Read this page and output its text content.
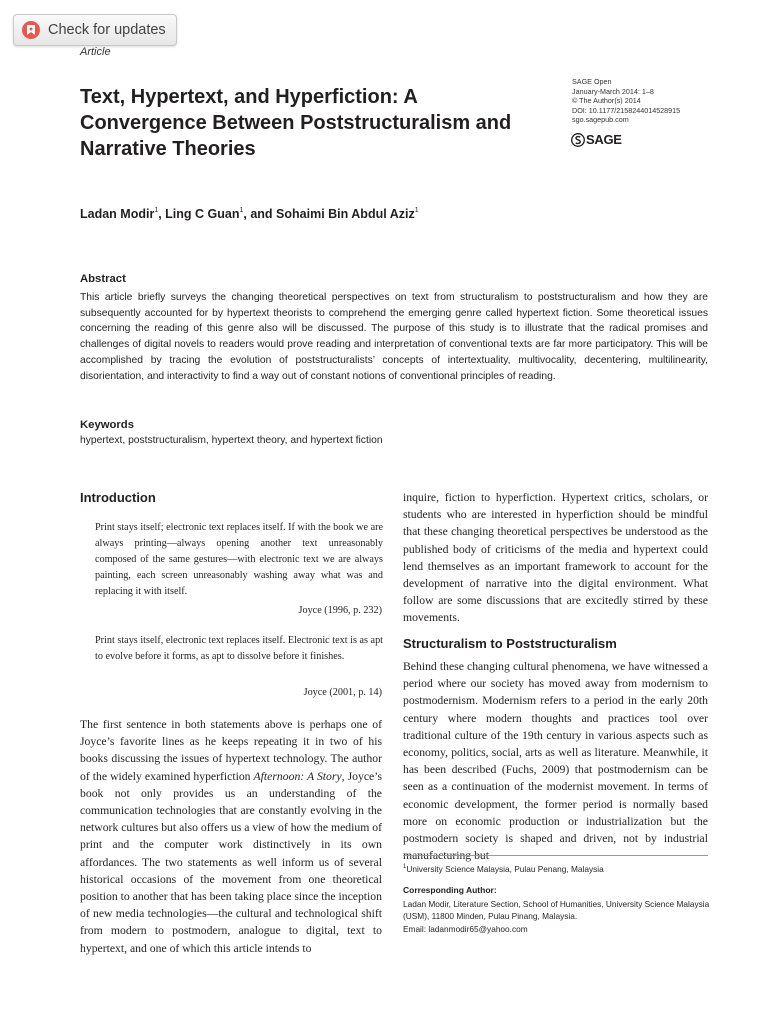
Check for updates
Article
Text, Hypertext, and Hyperfiction: A Convergence Between Poststructuralism and Narrative Theories
SAGE Open
January-March 2014: 1–8
© The Author(s) 2014
DOI: 10.1177/2158244014528915
sgo.sagepub.com
SAGE
Ladan Modir$^1$, Ling C Guan$^1$, and Sohaimi Bin Abdul Aziz$^1$
Abstract
This article briefly surveys the changing theoretical perspectives on text from structuralism to poststructuralism and how they are subsequently accounted for by hypertext theorists to comprehend the emerging genre called hypertext fiction. Some theoretical issues concerning the reading of this genre also will be discussed. The purpose of this study is to illustrate that the radical promises and challenges of digital novels to readers would prove reading and interpretation of conventional texts are far more participatory. This will be accomplished by tracing the evolution of poststructuralists’ concepts of intertextuality, multivocality, decentering, multilinearity, disorientation, and interactivity to find a way out of constant notions of conventional principles of reading.
Keywords
hypertext, poststructuralism, hypertext theory, and hypertext fiction
Introduction
Print stays itself; electronic text replaces itself. If with the book we are always printing—always opening another text unreasonably composed of the same gestures—with electronic text we are always painting, each screen unreasonably washing away what was and replacing it with itself.
Joyce (1996, p. 232)
Print stays itself, electronic text replaces itself. Electronic text is as apt to evolve before it forms, as apt to dissolve before it finishes.
Joyce (2001, p. 14)
The first sentence in both statements above is perhaps one of Joyce’s favorite lines as he keeps repeating it in two of his books discussing the issues of hypertext technology. The author of the widely examined hyperfiction Afternoon: A Story, Joyce’s book not only provides us an understanding of the communication technologies that are constantly evolving in the network cultures but also offers us a view of how the medium of print and the computer work distinctively in its own affordances. The two statements as well inform us of several historical occasions of the movement from one theoretical position to another that has been taking place since the inception of new media technologies—the cultural and technological shift from modern to postmodern, analogue to digital, text to hypertext, and one of which this article intends to
inquire, fiction to hyperfiction. Hypertext critics, scholars, or students who are interested in hyperfiction should be mindful that these changing theoretical perspectives be understood as the published body of criticisms of the media and hypertext could lend themselves as an important framework to account for the development of narrative into the digital environment. What follow are some discussions that are excitedly stirred by these movements.
Structuralism to Poststructuralism
Behind these changing cultural phenomena, we have witnessed a period where our society has moved away from modernism to postmodernism. Modernism refers to a period in the early 20th century where modern thoughts and practices tool over traditional culture of the 19th century in various aspects such as economy, politics, social, arts as well as literature. Meanwhile, it has been described (Fuchs, 2009) that postmodernism can be seen as a continuation of the modernist movement. In terms of economic development, the former period is normally based more on economic production or industrialization but the postmodern society is shaped and driven, not by industrial manufacturing but
$^1$University Science Malaysia, Pulau Penang, Malaysia
Corresponding Author:
Ladan Modir, Literature Section, School of Humanities, University Science Malaysia (USM), 11800 Minden, Pulau Pinang, Malaysia.
Email: ladanmodir65@yahoo.com
